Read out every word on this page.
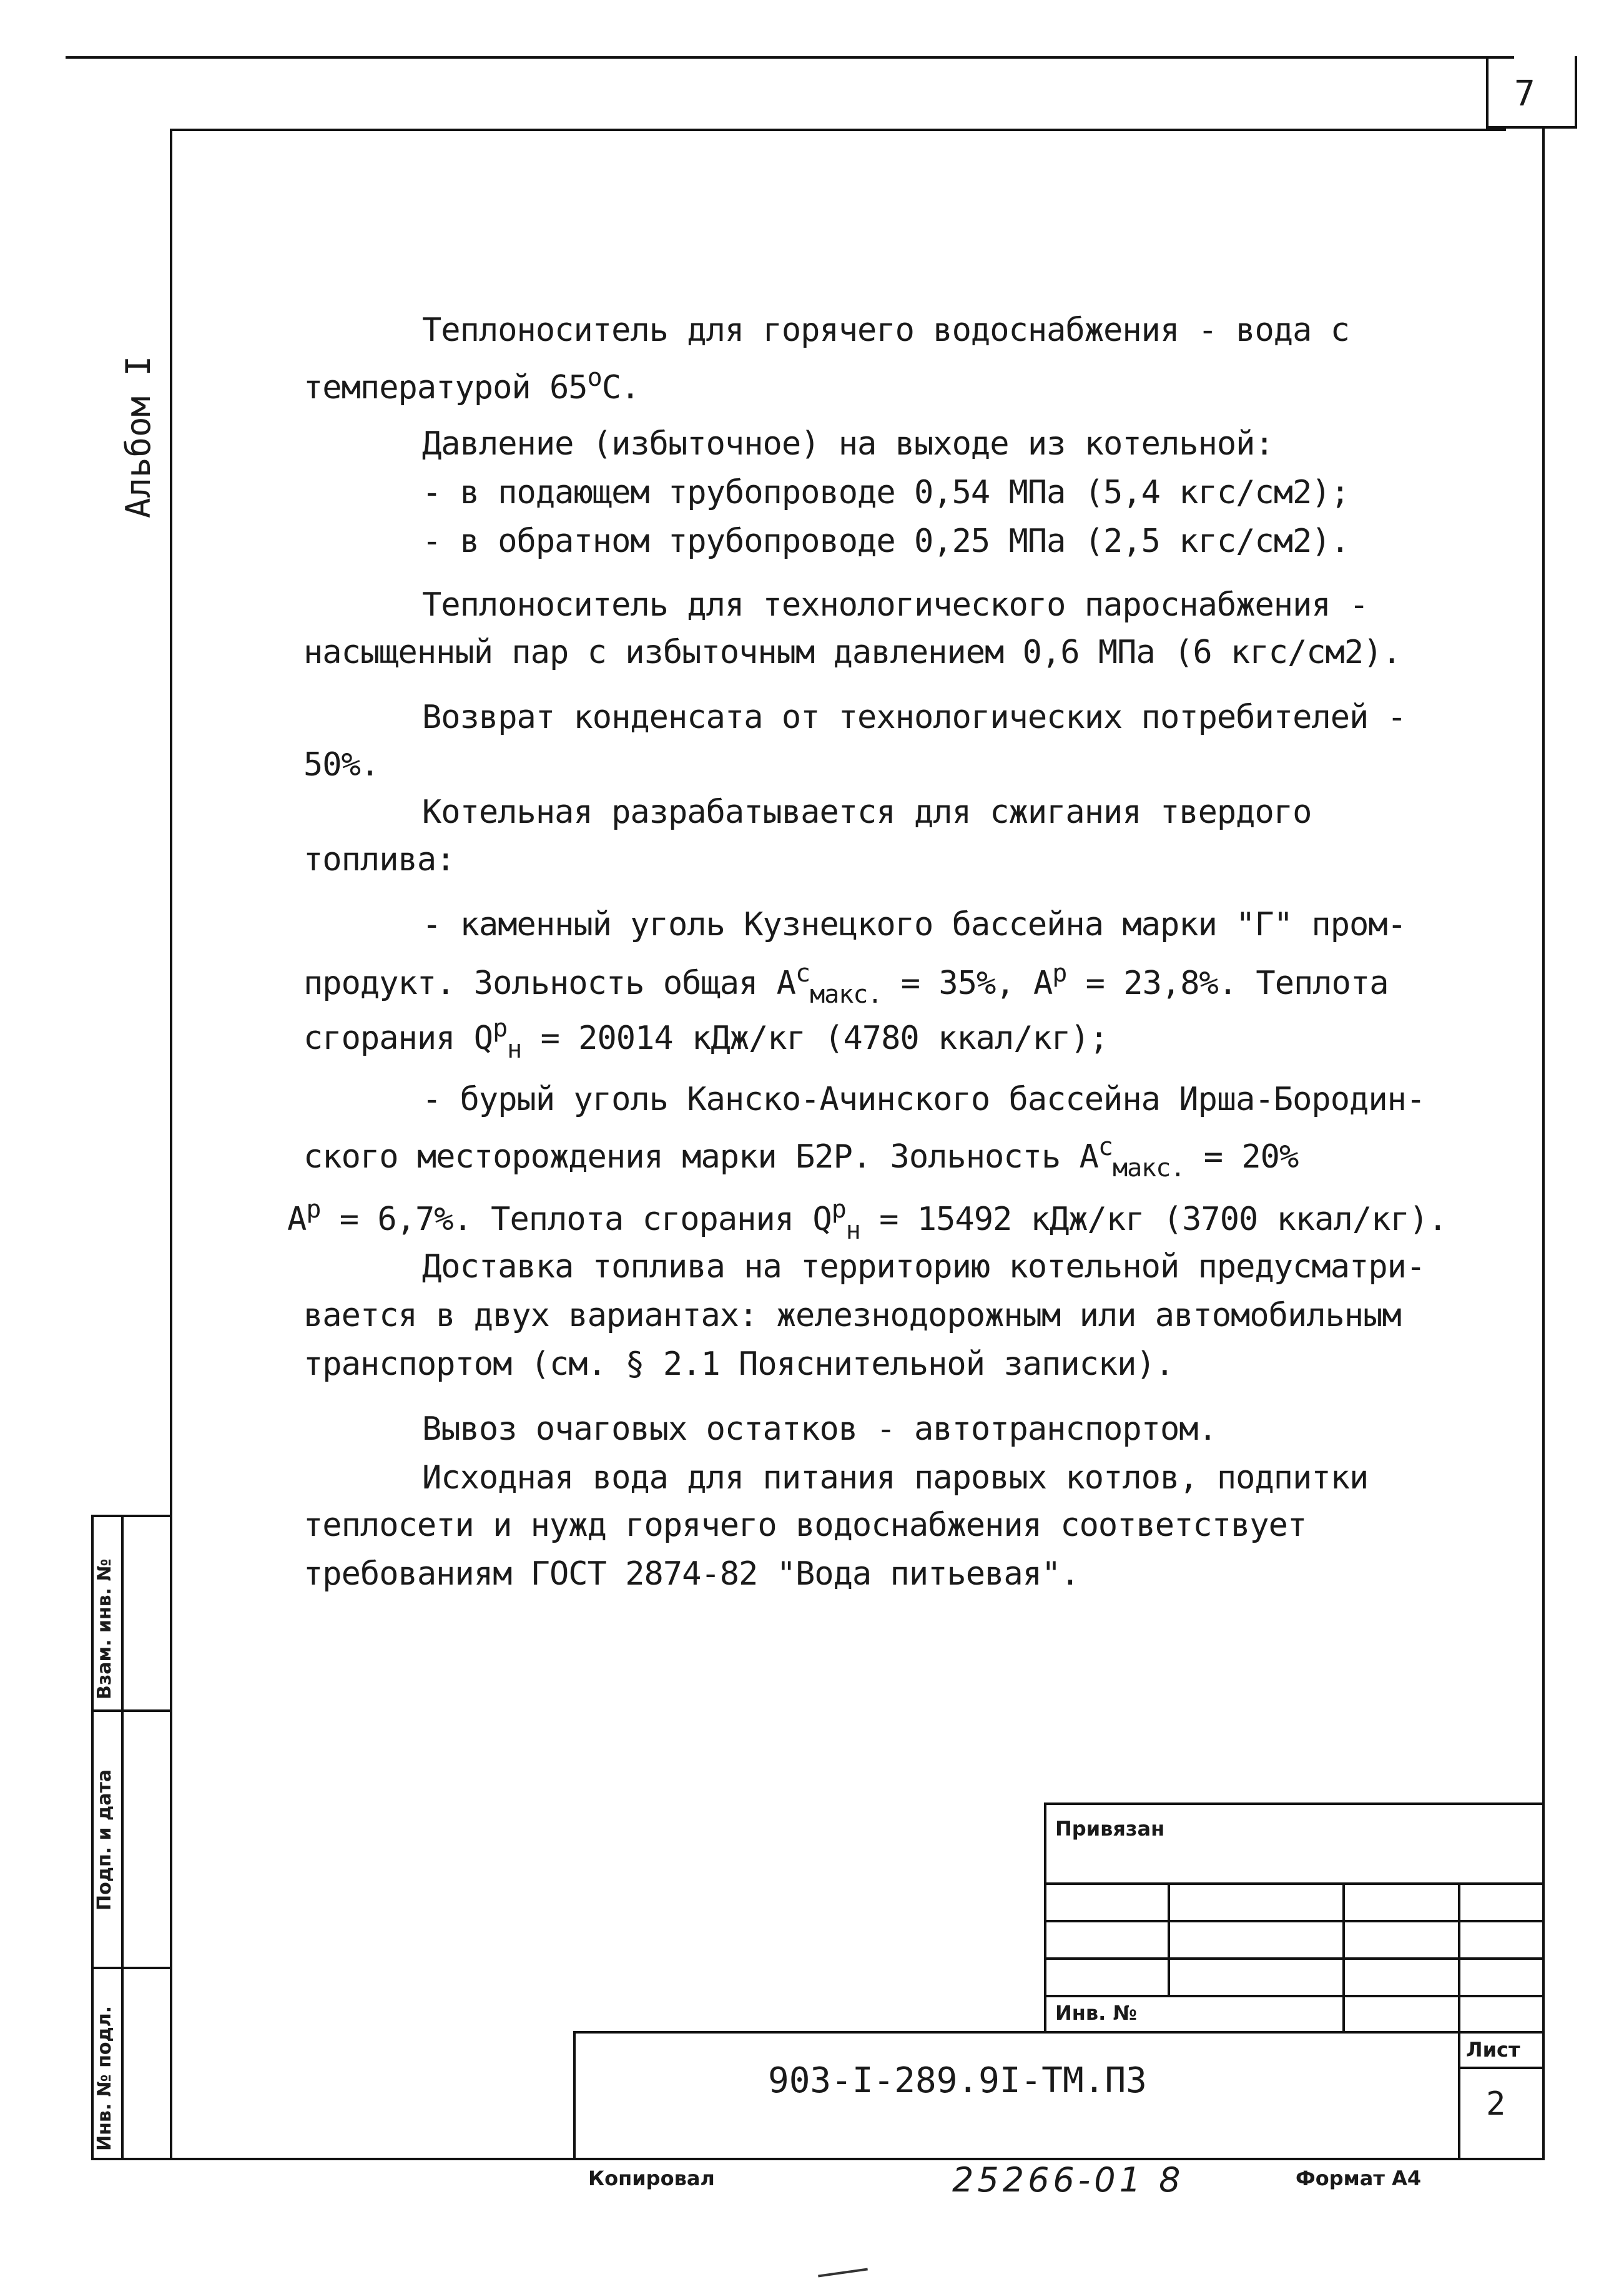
7
Альбом I
Теплоноситель для горячего водоснабжения - вода с
температурой $65^оС$.
Давление (избыточное) на выходе из котельной:
- в подающем трубопроводе 0,54 МПа (5,4 кгс/см2);
- в обратном трубопроводе 0,25 МПа (2,5 кгс/см2).
Теплоноситель для технологического пароснабжения -
насыщенный пар с избыточным давлением 0,6 МПа (6 кгс/см2).
Возврат конденсата от технологических потребителей -
50%.
Котельная разрабатывается для сжигания твердого
топлива:
- каменный уголь Кузнецкого бассейна марки "Г" пром-
продукт. Зольность общая $А^с_{макс.} = 35\%$, $А^р = 23,8\%$. Теплота
сгорания $Q^р_н = 20014$ кДж/кг (4780 ккал/кг);
- бурый уголь Канско-Ачинского бассейна Ирша-Бородин-
ского месторождения марки Б2Р. Зольность $А^с_{макс.} = 20\%$
$А^р = 6,7\%$. Теплота сгорания $Q^р_н = 15492$ кДж/кг (3700 ккал/кг).
Доставка топлива на территорию котельной предусматри-
вается в двух вариантах: железнодорожным или автомобильным
транспортом (см. § 2.1 Пояснительной записки).
Вывоз очаговых остатков - автотранспортом.
Исходная вода для питания паровых котлов, подпитки
теплосети и нужд горячего водоснабжения соответствует
требованиям ГОСТ 2874-82 "Вода питьевая".
Взам. инв. №
Подп. и дата
Инв. № подл.
Привязан
Инв. №
903-I-289.9I-ТМ.ПЗ
Лист
2
Копировал	25266-01 8	Формат А4
